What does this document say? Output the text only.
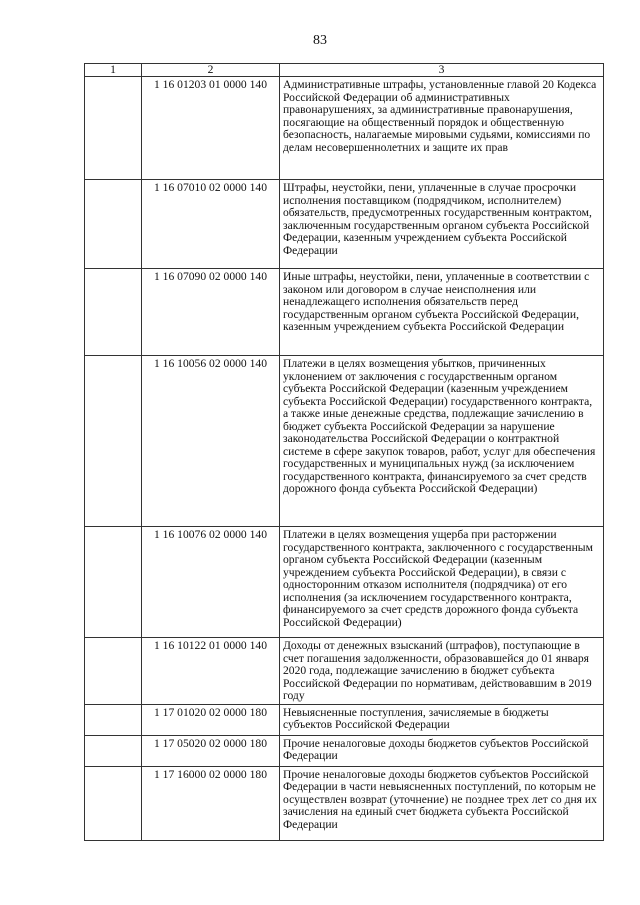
83
1	2	3
	1 16 01203 01 0000 140	Административные штрафы, установленные главой 20 Кодекса Российской Федерации об административных правонарушениях, за административные правонарушения, посягающие на общественный порядок и общественную безопасность, налагаемые мировыми судьями, комиссиями по делам несовершеннолетних и защите их прав
	1 16 07010 02 0000 140	Штрафы, неустойки, пени, уплаченные в случае просрочки исполнения поставщиком (подрядчиком, исполнителем) обязательств, предусмотренных государственным контрактом, заключенным государственным органом субъекта Российской Федерации, казенным учреждением субъекта Российской Федерации
	1 16 07090 02 0000 140	Иные штрафы, неустойки, пени, уплаченные в соответствии с законом или договором в случае неисполнения или ненадлежащего исполнения обязательств перед государственным органом субъекта Российской Федерации, казенным учреждением субъекта Российской Федерации
	1 16 10056 02 0000 140	Платежи в целях возмещения убытков, причиненных уклонением от заключения с государственным органом субъекта Российской Федерации (казенным учреждением субъекта Российской Федерации) государственного контракта, а также иные денежные средства, подлежащие зачислению в бюджет субъекта Российской Федерации за нарушение законодательства Российской Федерации о контрактной системе в сфере закупок товаров, работ, услуг для обеспечения государственных и муниципальных нужд (за исключением государственного контракта, финансируемого за счет средств дорожного фонда субъекта Российской Федерации)
	1 16 10076 02 0000 140	Платежи в целях возмещения ущерба при расторжении государственного контракта, заключенного с государственным органом субъекта Российской Федерации (казенным учреждением субъекта Российской Федерации), в связи с односторонним отказом исполнителя (подрядчика) от его исполнения (за исключением государственного контракта, финансируемого за счет средств дорожного фонда субъекта Российской Федерации)
	1 16 10122 01 0000 140	Доходы от денежных взысканий (штрафов), поступающие в счет погашения задолженности, образовавшейся до 01 января 2020 года, подлежащие зачислению в бюджет субъекта Российской Федерации по нормативам, действовавшим в 2019 году
	1 17 01020 02 0000 180	Невыясненные поступления, зачисляемые в бюджеты субъектов Российской Федерации
	1 17 05020 02 0000 180	Прочие неналоговые доходы бюджетов субъектов Российской Федерации
	1 17 16000 02 0000 180	Прочие неналоговые доходы бюджетов субъектов Российской Федерации в части невыясненных поступлений, по которым не осуществлен возврат (уточнение) не позднее трех лет со дня их зачисления на единый счет бюджета субъекта Российской Федерации
